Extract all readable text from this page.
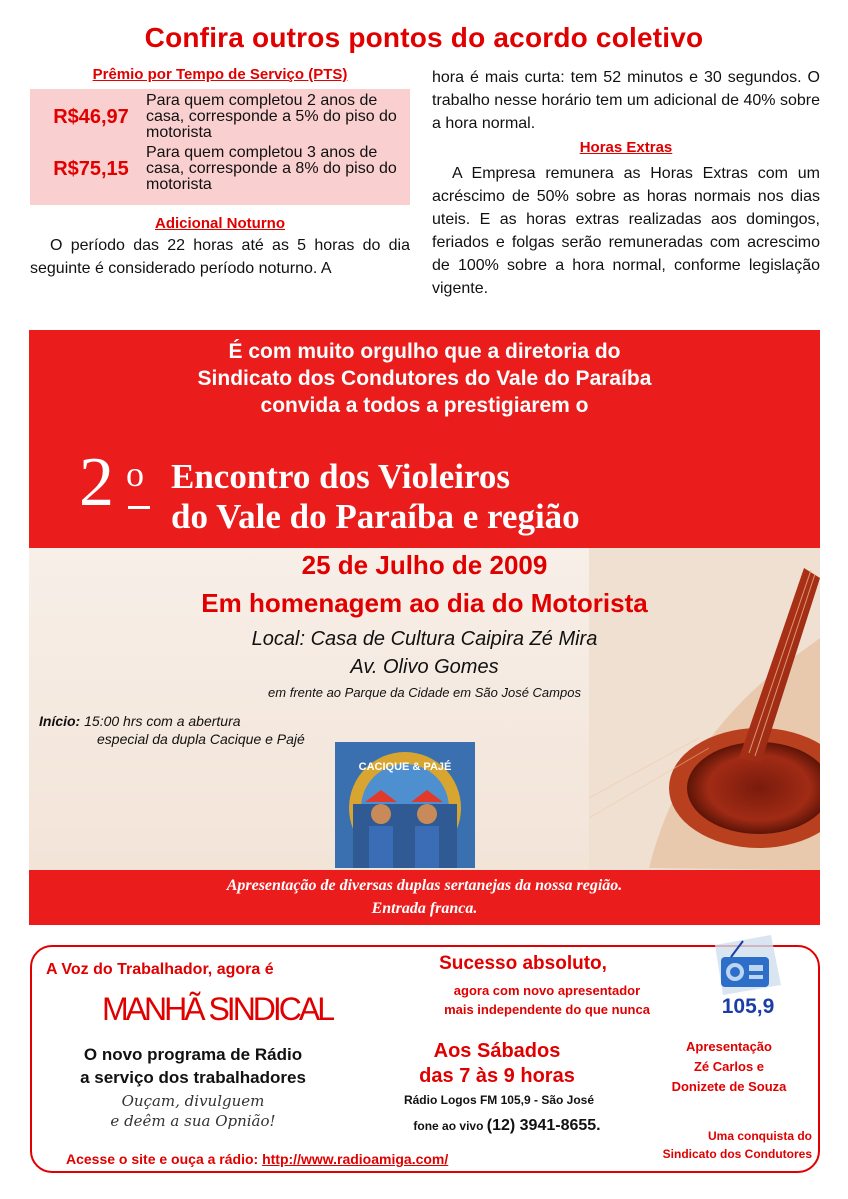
Confira outros pontos do acordo coletivo
Prêmio por Tempo de Serviço (PTS)
R$46,97
Para quem completou 2 anos de casa, corresponde a 5% do piso do motorista
R$75,15
Para quem completou 3 anos de casa, corresponde a 8% do piso do motorista
Adicional Noturno
O período das 22 horas até as 5 horas do dia seguinte é considerado período noturno. A
hora é mais curta: tem 52 minutos e 30 segundos. O trabalho nesse horário tem um adicional de 40% sobre a hora normal.
Horas Extras
A Empresa remunera as Horas Extras com um acréscimo de 50% sobre as horas normais nos dias uteis. E as horas extras realizadas aos domingos, feriados e folgas serão remuneradas com acrescimo de 100% sobre a hora normal, conforme legislação vigente.
É com muito orgulho que a diretoria do
Sindicato dos Condutores do Vale do Paraíba
convida a todos a prestigiarem o
2 o Encontro dos Violeiros
do Vale do Paraíba e região
25 de Julho de 2009
Em homenagem ao dia do Motorista
Local: Casa de Cultura Caipira Zé Mira
Av. Olivo Gomes
em frente ao Parque da Cidade em São José Campos
Início: 15:00 hrs com a abertura
especial da dupla Cacique e Pajé
CACIQUE & PAJÉ
Apresentação de diversas duplas sertanejas da nossa região.
Entrada franca.
A Voz do Trabalhador, agora é
MANHÃ SINDICAL
O novo programa de Rádio
a serviço dos trabalhadores
Ouçam, divulguem
e deêm a sua Opnião!
Acesse o site e ouça a rádio: http://www.radioamiga.com/
Sucesso absoluto,
agora com novo apresentador
mais independente do que nunca
Aos Sábados
das 7 às 9 horas
Rádio Logos FM 105,9 - São José
fone ao vivo (12) 3941-8655.
105,9
Apresentação
Zé Carlos e
Donizete de Souza
Uma conquista do
Sindicato dos Condutores
